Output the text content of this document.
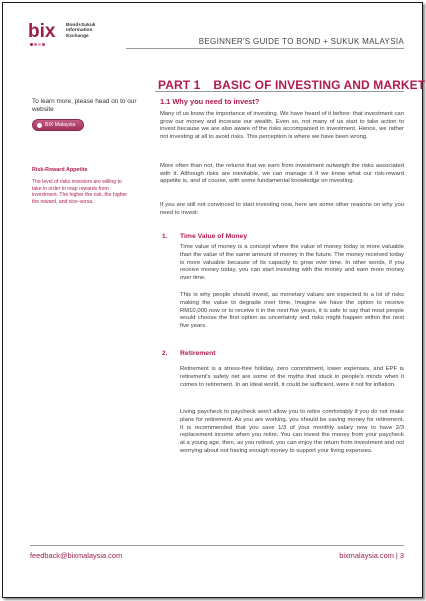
bix Bond+Sukuk
Information
Exchange
BEGINNER'S GUIDE TO BOND + SUKUK MALAYSIA
PART 1 BASIC OF INVESTING AND MARKET
To learn more, please head on to our website
BIX Malaysia
Risk-Reward Appetite
The level of risks investors are willing to take in order to reap rewards from investment. The higher the risk, the higher the reward, and vice-versa.
1.1 Why you need to invest?

Many of us know the importance of investing. We have heard of it before: that investment can grow our money and increase our wealth. Even so, not many of us start to take action to invest because we are also aware of the risks accompanied in investment. Hence, we rather not investing at all to avoid risks. This perception is where we have been wrong.

More often than not, the returns that we earn from investment outweigh the risks associated with it. Although risks are inevitable, we can manage it if we know what our risk-reward appetite is, and of course, with some fundamental knowledge on investing.

If you are still not convinced to start investing now, here are some other reasons on why you need to invest:

1. Time Value of Money

Time value of money is a concept where the value of money today is more valuable than the value of the same amount of money in the future. The money received today is more valuable because of its capacity to grow over time. In other words, if you receive money today, you can start investing with the money and earn more money over time.

This is why people should invest, as monetary values are expected to a lot of risks making the value to degrade over time. Imagine we have the option to receive RM10,000 now or to receive it in the next five years, it is safe to say that most people would choose the first option as uncertainty and risks might happen within the next five years.

2. Retirement

Retirement is a stress-free holiday, zero commitment, lower expenses, and EPF is retirement's safety net are some of the myths that stuck in people's minds when it comes to retirement. In an ideal world, it could be sufficient, were it not for inflation.

Living paycheck to paycheck won't allow you to retire comfortably if you do not make plans for retirement. As you are working, you should be saving money for retirement. It is recommended that you save 1/3 of your monthly salary now to have 2/3 replacement income when you retire. You can invest the money from your paycheck at a young age, then, as you retired, you can enjoy the return from investment and not worrying about not having enough money to support your living expenses.

feedback@bixmalaysia.com	bixmalaysia.com | 3
